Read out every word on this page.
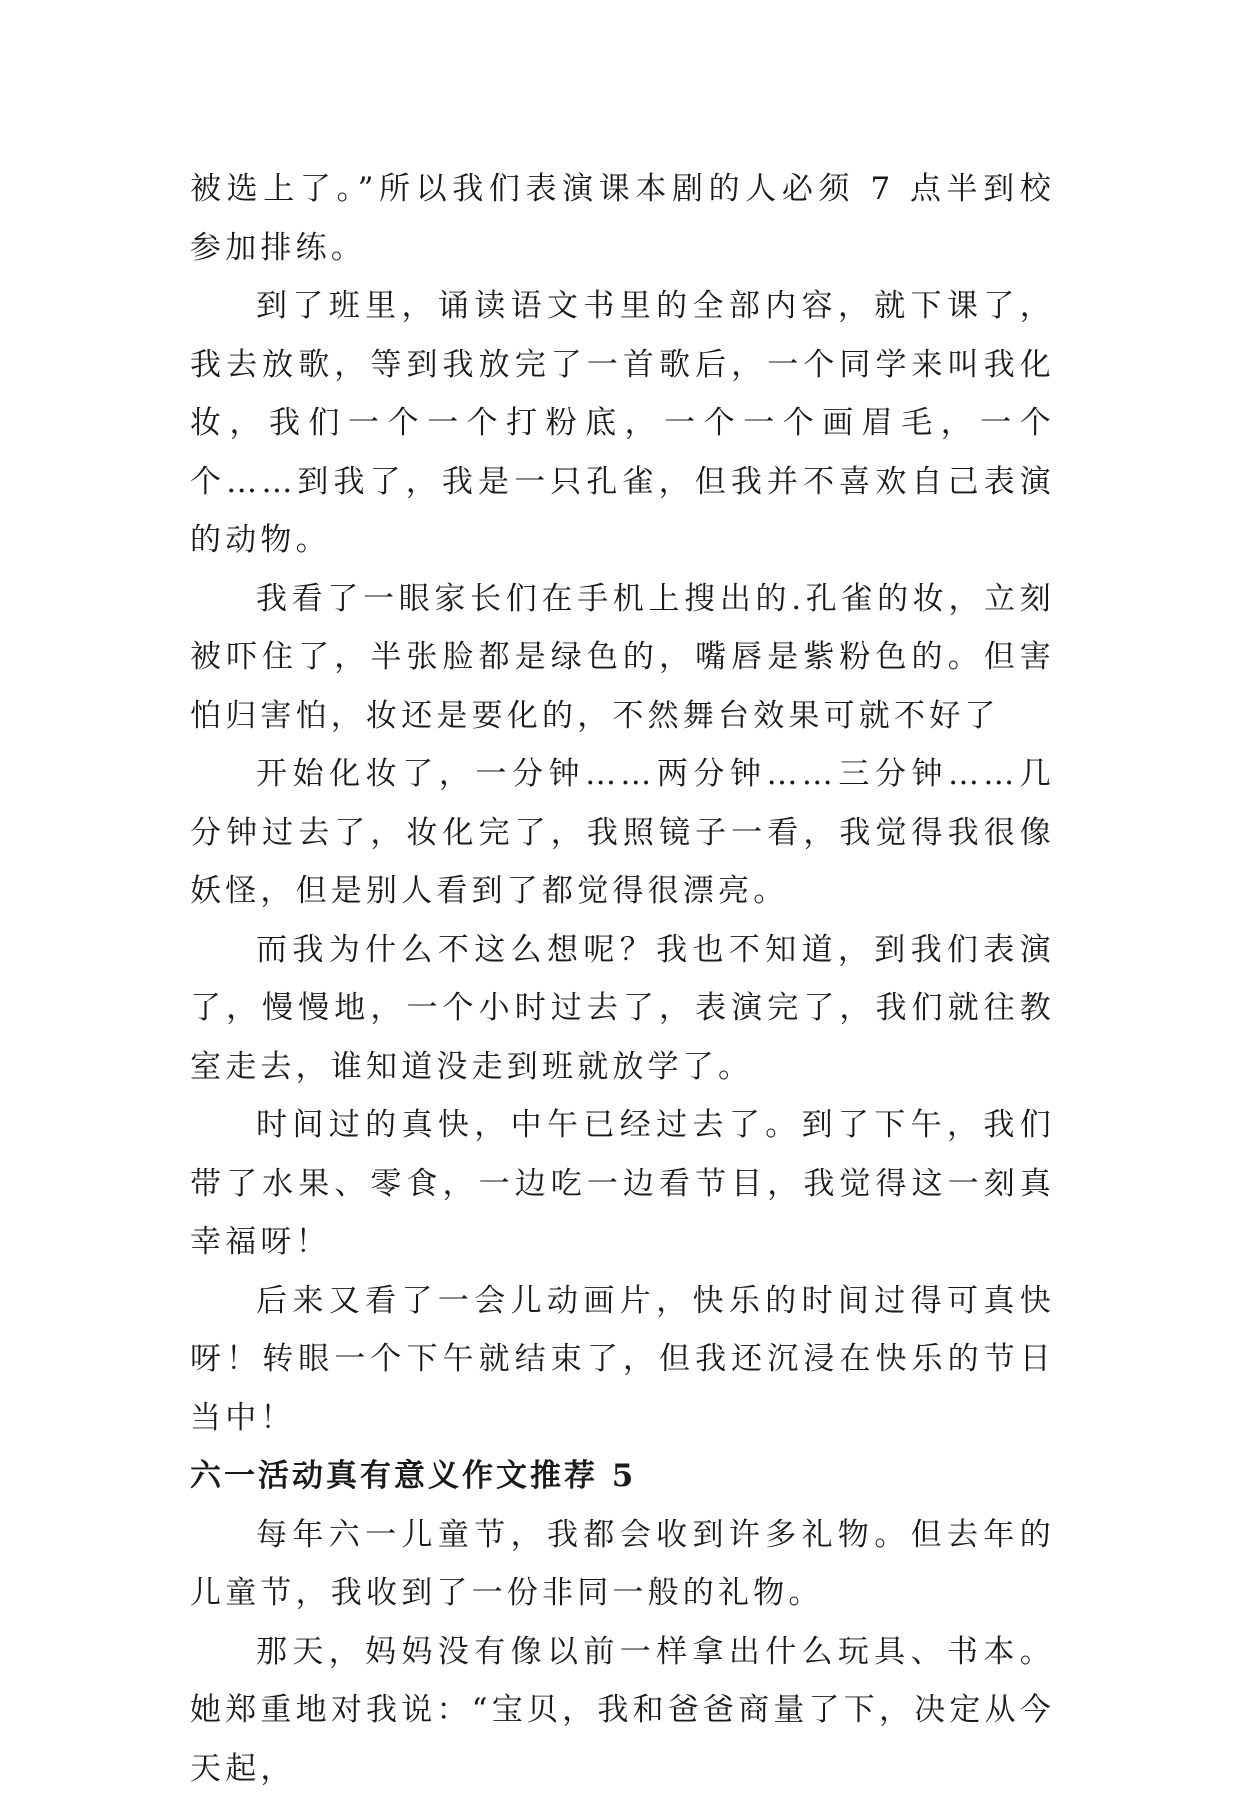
被选上了。”所以我们表演课本剧的人必须 7 点半到校参加排练。

到了班里，诵读语文书里的全部内容，就下课了，我去放歌，等到我放完了一首歌后，一个同学来叫我化妆，我们一个一个打粉底，一个一个画眉毛，一个个……到我了，我是一只孔雀，但我并不喜欢自己表演的动物。

我看了一眼家长们在手机上搜出的.孔雀的妆，立刻被吓住了，半张脸都是绿色的，嘴唇是紫粉色的。但害怕归害怕，妆还是要化的，不然舞台效果可就不好了

开始化妆了，一分钟……两分钟……三分钟……几分钟过去了，妆化完了，我照镜子一看，我觉得我很像妖怪，但是别人看到了都觉得很漂亮。

而我为什么不这么想呢？我也不知道，到我们表演了，慢慢地，一个小时过去了，表演完了，我们就往教室走去，谁知道没走到班就放学了。

时间过的真快，中午已经过去了。到了下午，我们带了水果、零食，一边吃一边看节目，我觉得这一刻真幸福呀！

后来又看了一会儿动画片，快乐的时间过得可真快呀！转眼一个下午就结束了，但我还沉浸在快乐的节日当中！

六一活动真有意义作文推荐 5

每年六一儿童节，我都会收到许多礼物。但去年的儿童节，我收到了一份非同一般的礼物。

那天，妈妈没有像以前一样拿出什么玩具、书本。她郑重地对我说：“宝贝，我和爸爸商量了下，决定从今天起，
